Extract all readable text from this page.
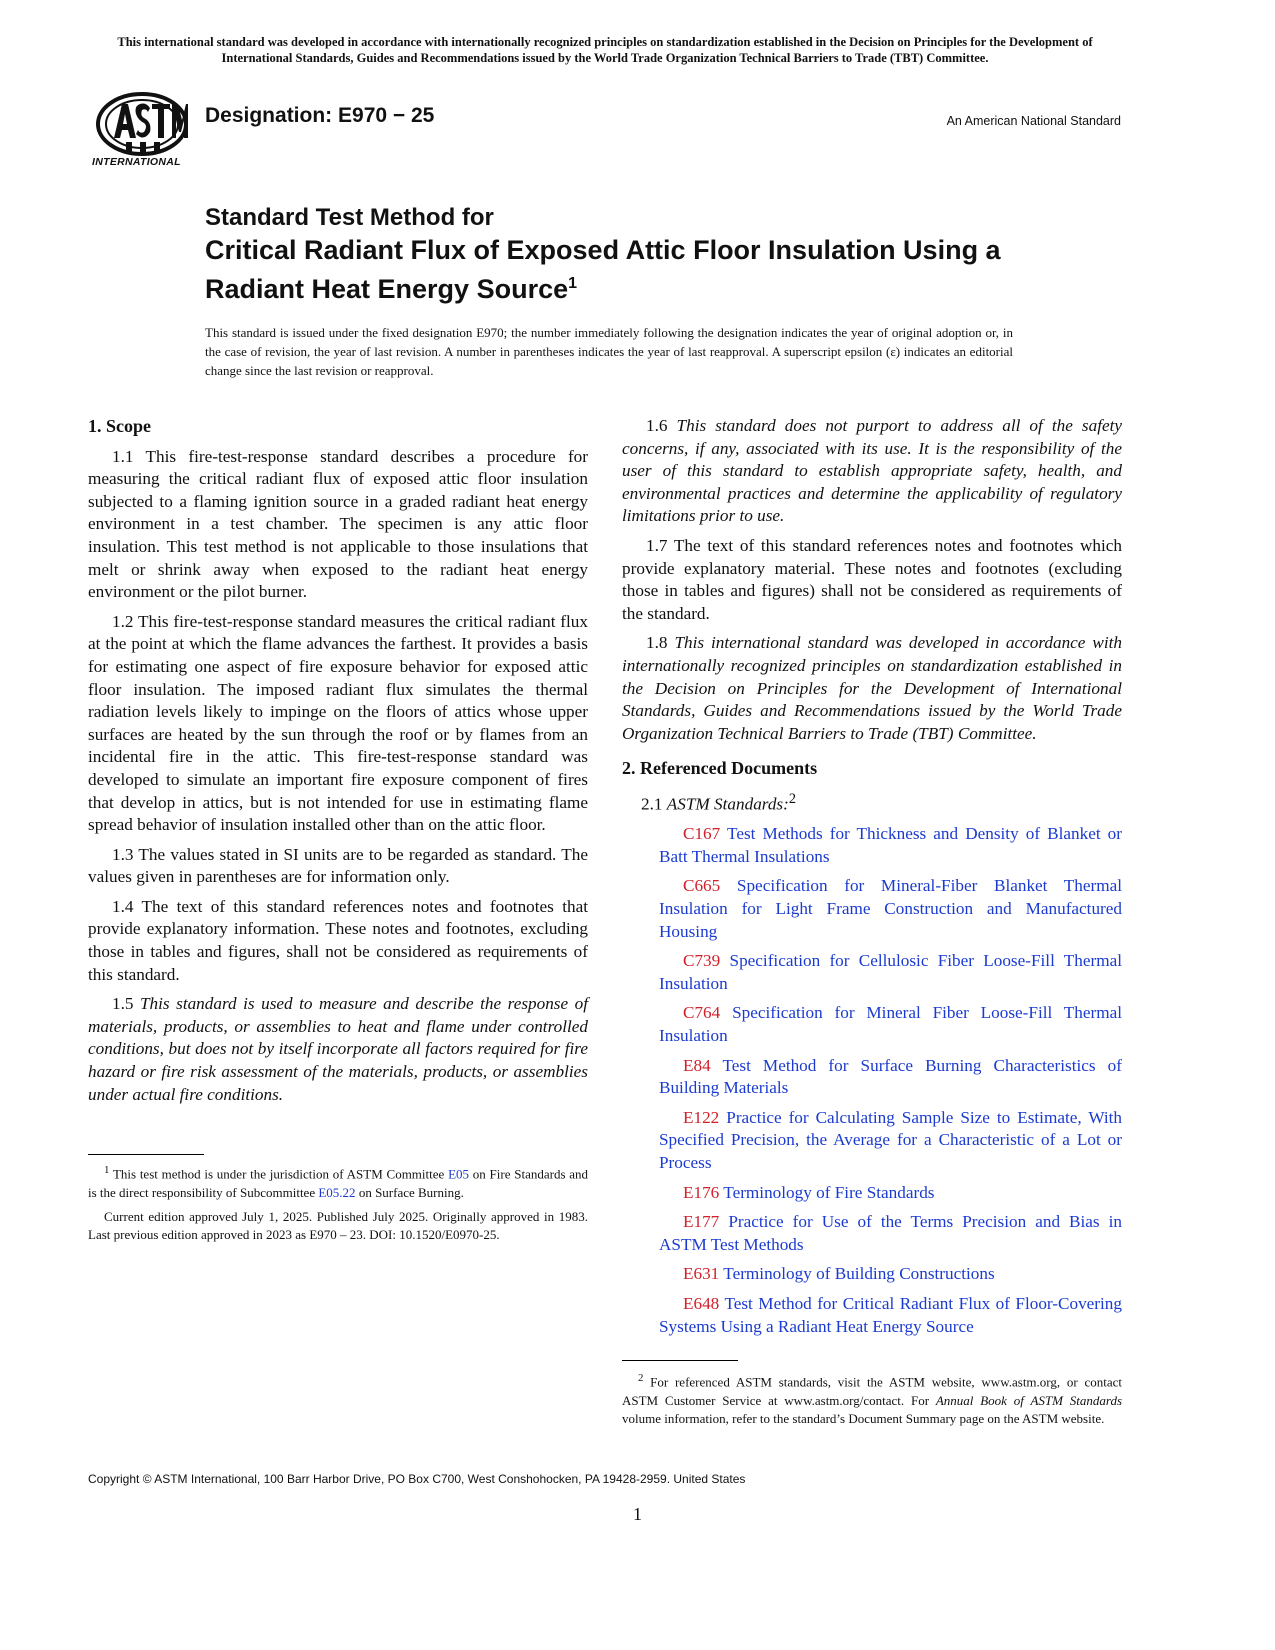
This international standard was developed in accordance with internationally recognized principles on standardization established in the Decision on Principles for the Development of International Standards, Guides and Recommendations issued by the World Trade Organization Technical Barriers to Trade (TBT) Committee.
INTERNATIONAL
Designation: E970 − 25	An American National Standard
Standard Test Method for
Critical Radiant Flux of Exposed Attic Floor Insulation Using a Radiant Heat Energy Source$^1$
This standard is issued under the fixed designation E970; the number immediately following the designation indicates the year of original adoption or, in the case of revision, the year of last revision. A number in parentheses indicates the year of last reapproval. A superscript epsilon (ε) indicates an editorial change since the last revision or reapproval.
1. Scope

1.1 This fire-test-response standard describes a procedure for measuring the critical radiant flux of exposed attic floor insulation subjected to a flaming ignition source in a graded radiant heat energy environment in a test chamber. The specimen is any attic floor insulation. This test method is not applicable to those insulations that melt or shrink away when exposed to the radiant heat energy environment or the pilot burner.

1.2 This fire-test-response standard measures the critical radiant flux at the point at which the flame advances the farthest. It provides a basis for estimating one aspect of fire exposure behavior for exposed attic floor insulation. The imposed radiant flux simulates the thermal radiation levels likely to impinge on the floors of attics whose upper surfaces are heated by the sun through the roof or by flames from an incidental fire in the attic. This fire-test-response standard was developed to simulate an important fire exposure component of fires that develop in attics, but is not intended for use in estimating flame spread behavior of insulation installed other than on the attic floor.

1.3 The values stated in SI units are to be regarded as standard. The values given in parentheses are for information only.

1.4 The text of this standard references notes and footnotes that provide explanatory information. These notes and footnotes, excluding those in tables and figures, shall not be considered as requirements of this standard.

1.5 This standard is used to measure and describe the response of materials, products, or assemblies to heat and flame under controlled conditions, but does not by itself incorporate all factors required for fire hazard or fire risk assessment of the materials, products, or assemblies under actual fire conditions.

$^1$ This test method is under the jurisdiction of ASTM Committee E05 on Fire Standards and is the direct responsibility of Subcommittee E05.22 on Surface Burning.

Current edition approved July 1, 2025. Published July 2025. Originally approved in 1983. Last previous edition approved in 2023 as E970 – 23. DOI: 10.1520/E0970-25.

1.6 This standard does not purport to address all of the safety concerns, if any, associated with its use. It is the responsibility of the user of this standard to establish appropriate safety, health, and environmental practices and determine the applicability of regulatory limitations prior to use.

1.7 The text of this standard references notes and footnotes which provide explanatory material. These notes and footnotes (excluding those in tables and figures) shall not be considered as requirements of the standard.

1.8 This international standard was developed in accordance with internationally recognized principles on standardization established in the Decision on Principles for the Development of International Standards, Guides and Recommendations issued by the World Trade Organization Technical Barriers to Trade (TBT) Committee.

2. Referenced Documents

2.1 ASTM Standards:$^2$

C167 Test Methods for Thickness and Density of Blanket or Batt Thermal Insulations

C665 Specification for Mineral-Fiber Blanket Thermal Insulation for Light Frame Construction and Manufactured Housing

C739 Specification for Cellulosic Fiber Loose-Fill Thermal Insulation

C764 Specification for Mineral Fiber Loose-Fill Thermal Insulation

E84 Test Method for Surface Burning Characteristics of Building Materials

E122 Practice for Calculating Sample Size to Estimate, With Specified Precision, the Average for a Characteristic of a Lot or Process

E176 Terminology of Fire Standards

E177 Practice for Use of the Terms Precision and Bias in ASTM Test Methods

E631 Terminology of Building Constructions

E648 Test Method for Critical Radiant Flux of Floor-Covering Systems Using a Radiant Heat Energy Source

$^2$ For referenced ASTM standards, visit the ASTM website, www.astm.org, or contact ASTM Customer Service at www.astm.org/contact. For Annual Book of ASTM Standards volume information, refer to the standard’s Document Summary page on the ASTM website.

Copyright © ASTM International, 100 Barr Harbor Drive, PO Box C700, West Conshohocken, PA 19428-2959. United States
1
